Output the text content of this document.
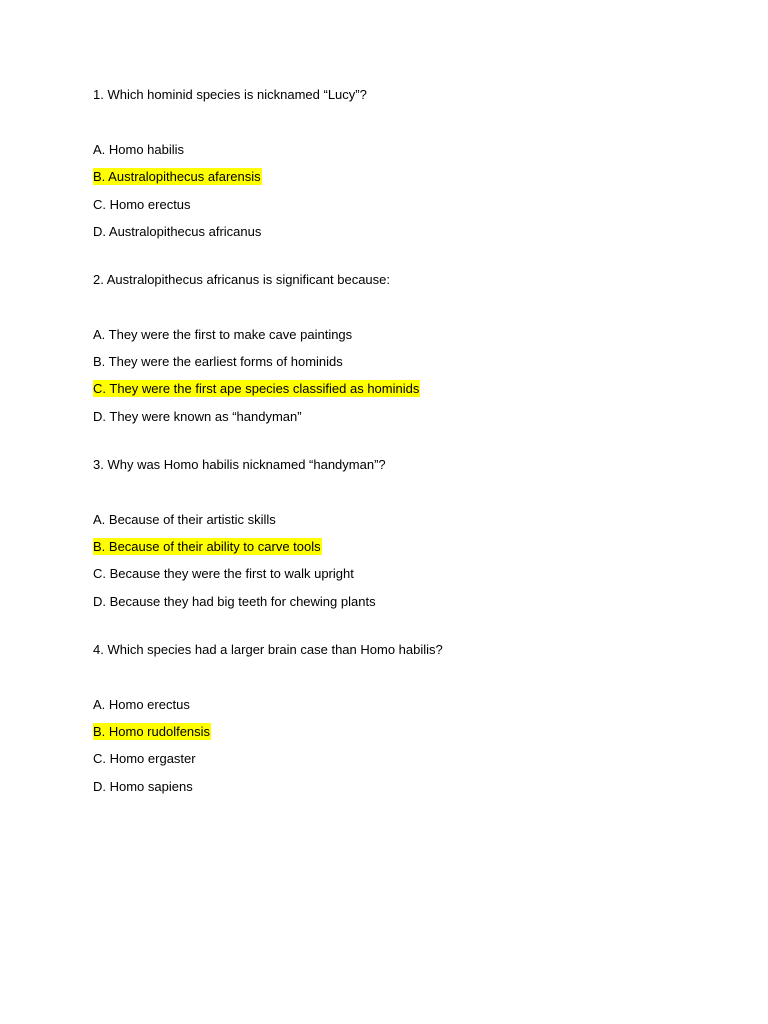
1. Which hominid species is nicknamed “Lucy”?
A. Homo habilis
B. Australopithecus afarensis
C. Homo erectus
D. Australopithecus africanus
2. Australopithecus africanus is significant because:
A. They were the first to make cave paintings
B. They were the earliest forms of hominids
C. They were the first ape species classified as hominids
D. They were known as “handyman”
3. Why was Homo habilis nicknamed “handyman”?
A. Because of their artistic skills
B. Because of their ability to carve tools
C. Because they were the first to walk upright
D. Because they had big teeth for chewing plants
4. Which species had a larger brain case than Homo habilis?
A. Homo erectus
B. Homo rudolfensis
C. Homo ergaster
D. Homo sapiens
